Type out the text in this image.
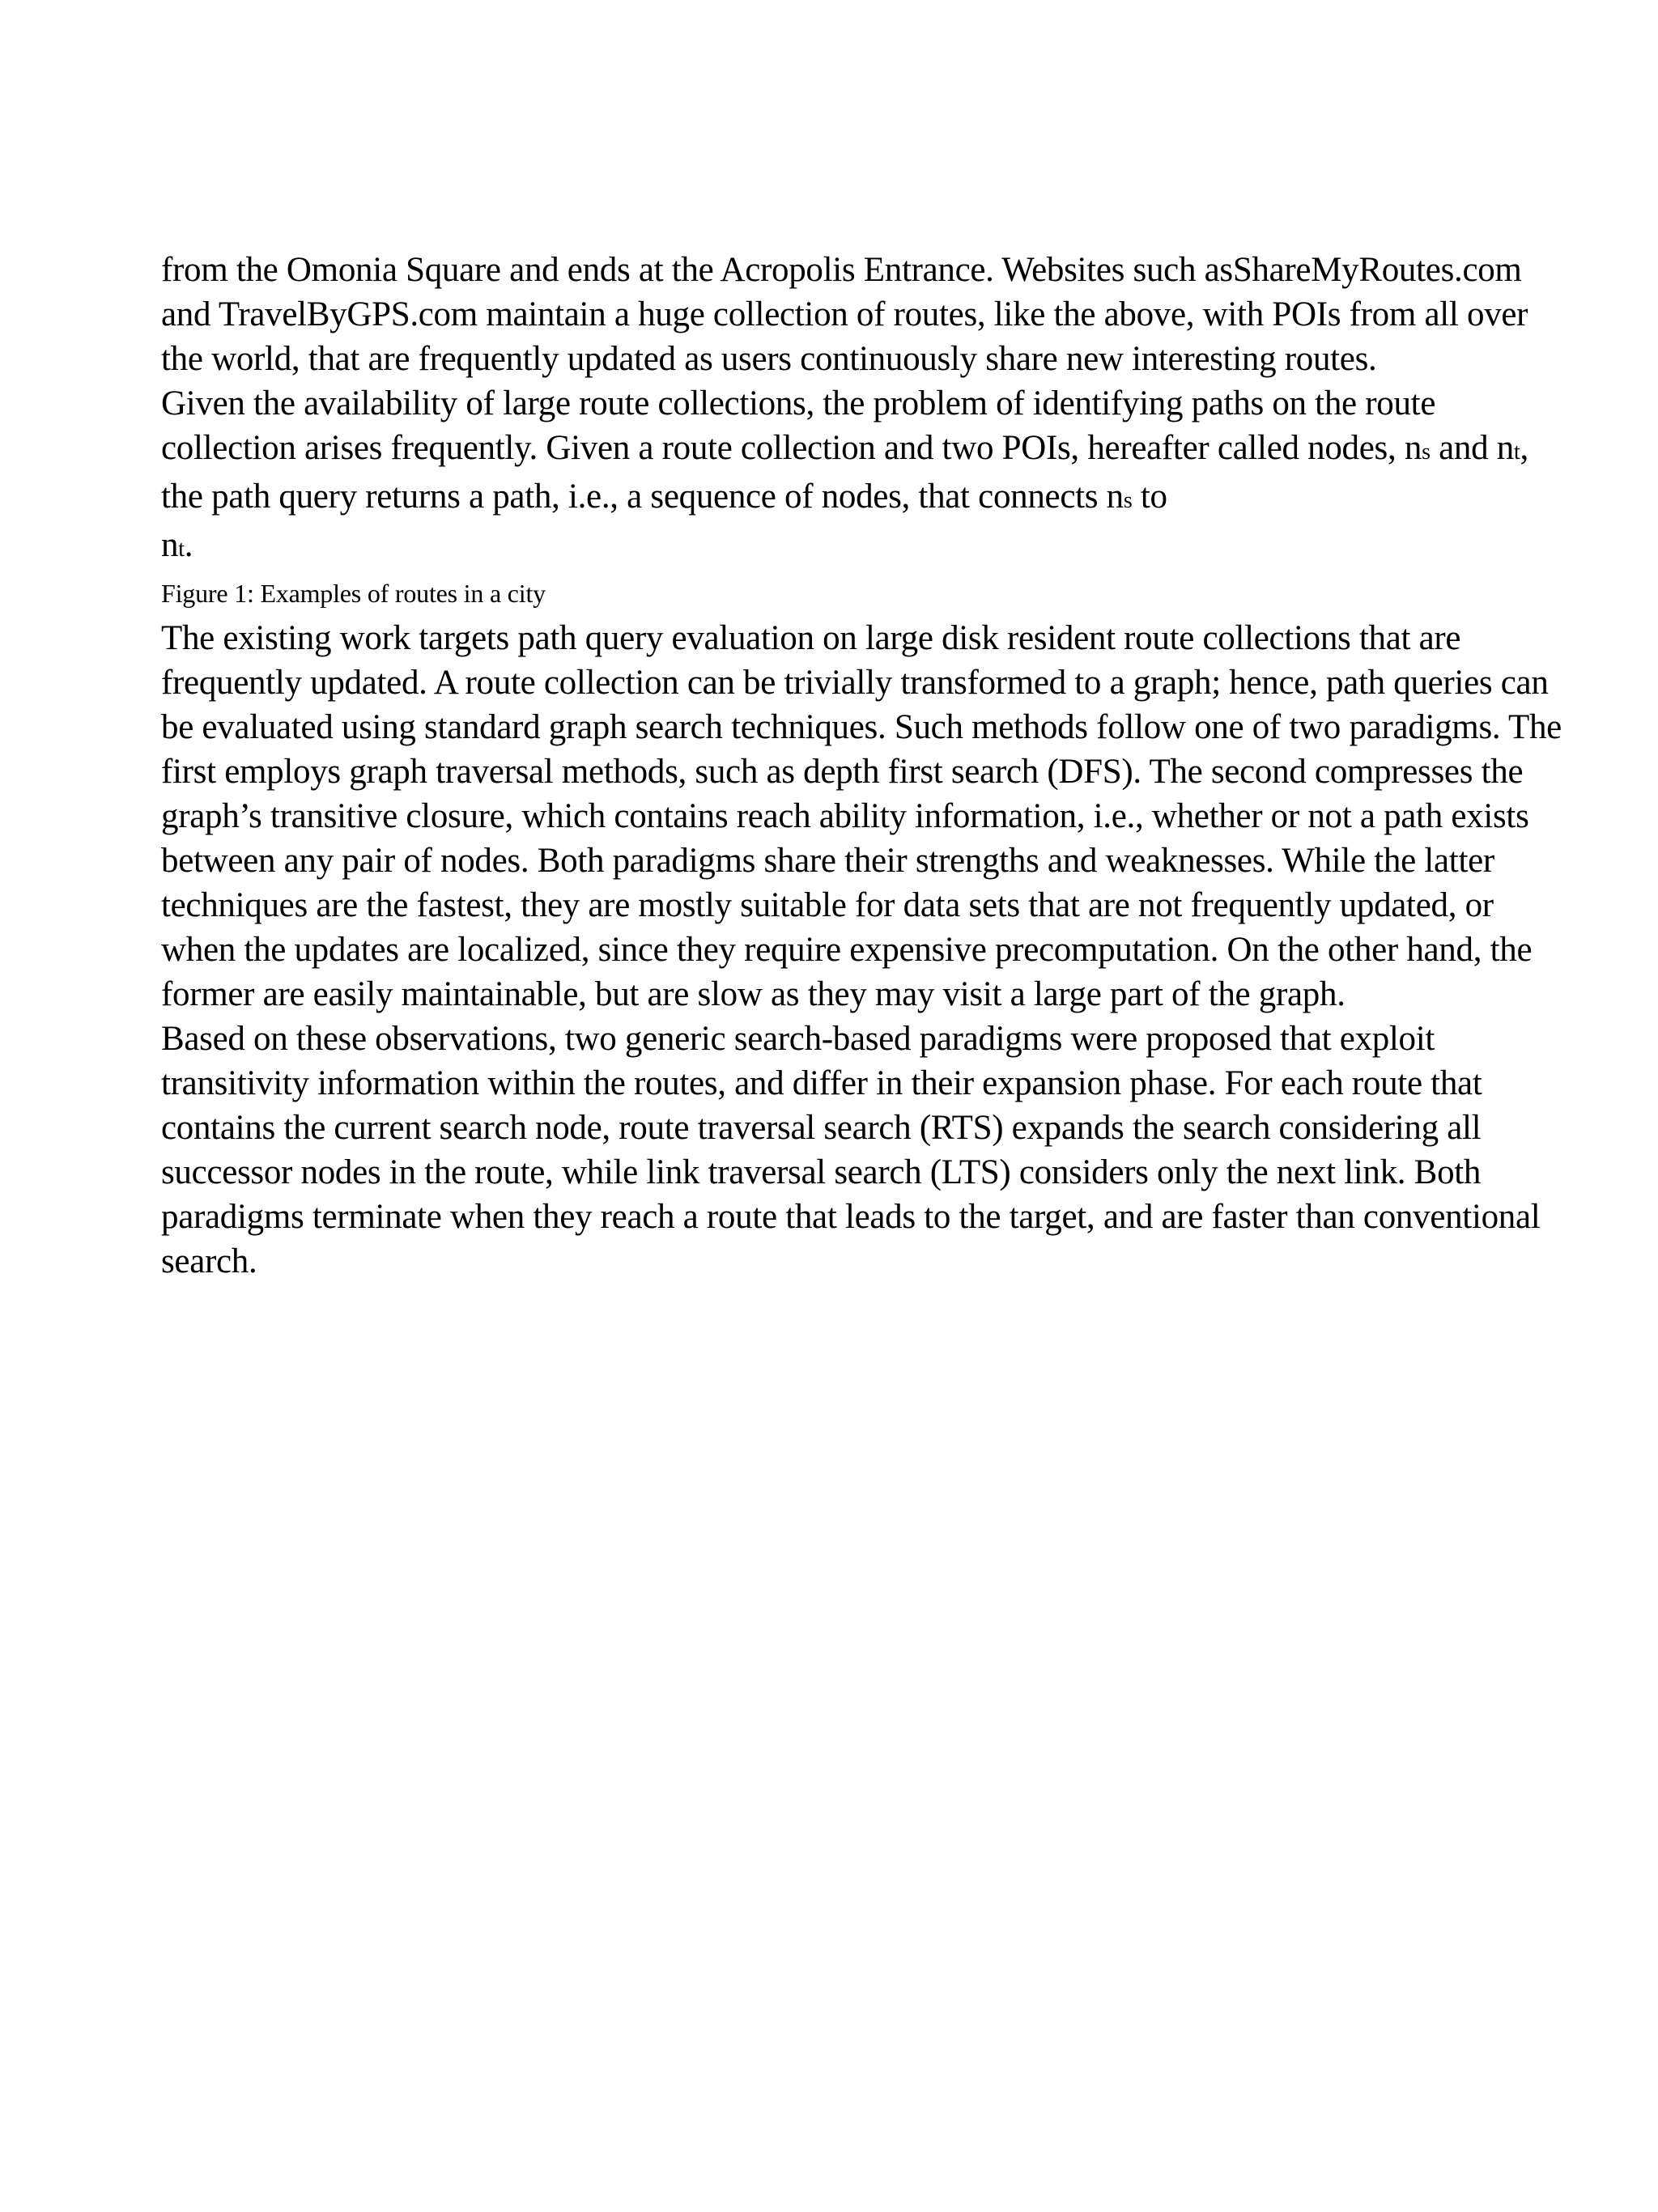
from the Omonia Square and ends at the Acropolis Entrance. Websites such asShareMyRoutes.com and TravelByGPS.com maintain a huge collection of routes, like the above, with POIs from all over the world, that are frequently updated as users continuously share new interesting routes.

Given the availability of large route collections, the problem of identifying paths on the route collection arises frequently. Given a route collection and two POIs, hereafter called nodes, ns and nt, the path query returns a path, i.e., a sequence of nodes, that connects ns to
nt.

Figure 1: Examples of routes in a city

The existing work targets path query evaluation on large disk resident route collections that are frequently updated. A route collection can be trivially transformed to a graph; hence, path queries can be evaluated using standard graph search techniques. Such methods follow one of two paradigms. The first employs graph traversal methods, such as depth first search (DFS). The second compresses the graph’s transitive closure, which contains reach ability information, i.e., whether or not a path exists between any pair of nodes. Both paradigms share their strengths and weaknesses. While the latter techniques are the fastest, they are mostly suitable for data sets that are not frequently updated, or when the updates are localized, since they require expensive precomputation. On the other hand, the former are easily maintainable, but are slow as they may visit a large part of the graph.

Based on these observations, two generic search-based paradigms were proposed that exploit transitivity information within the routes, and differ in their expansion phase. For each route that contains the current search node, route traversal search (RTS) expands the search considering all successor nodes in the route, while link traversal search (LTS) considers only the next link. Both paradigms terminate when they reach a route that leads to the target, and are faster than conventional search.
